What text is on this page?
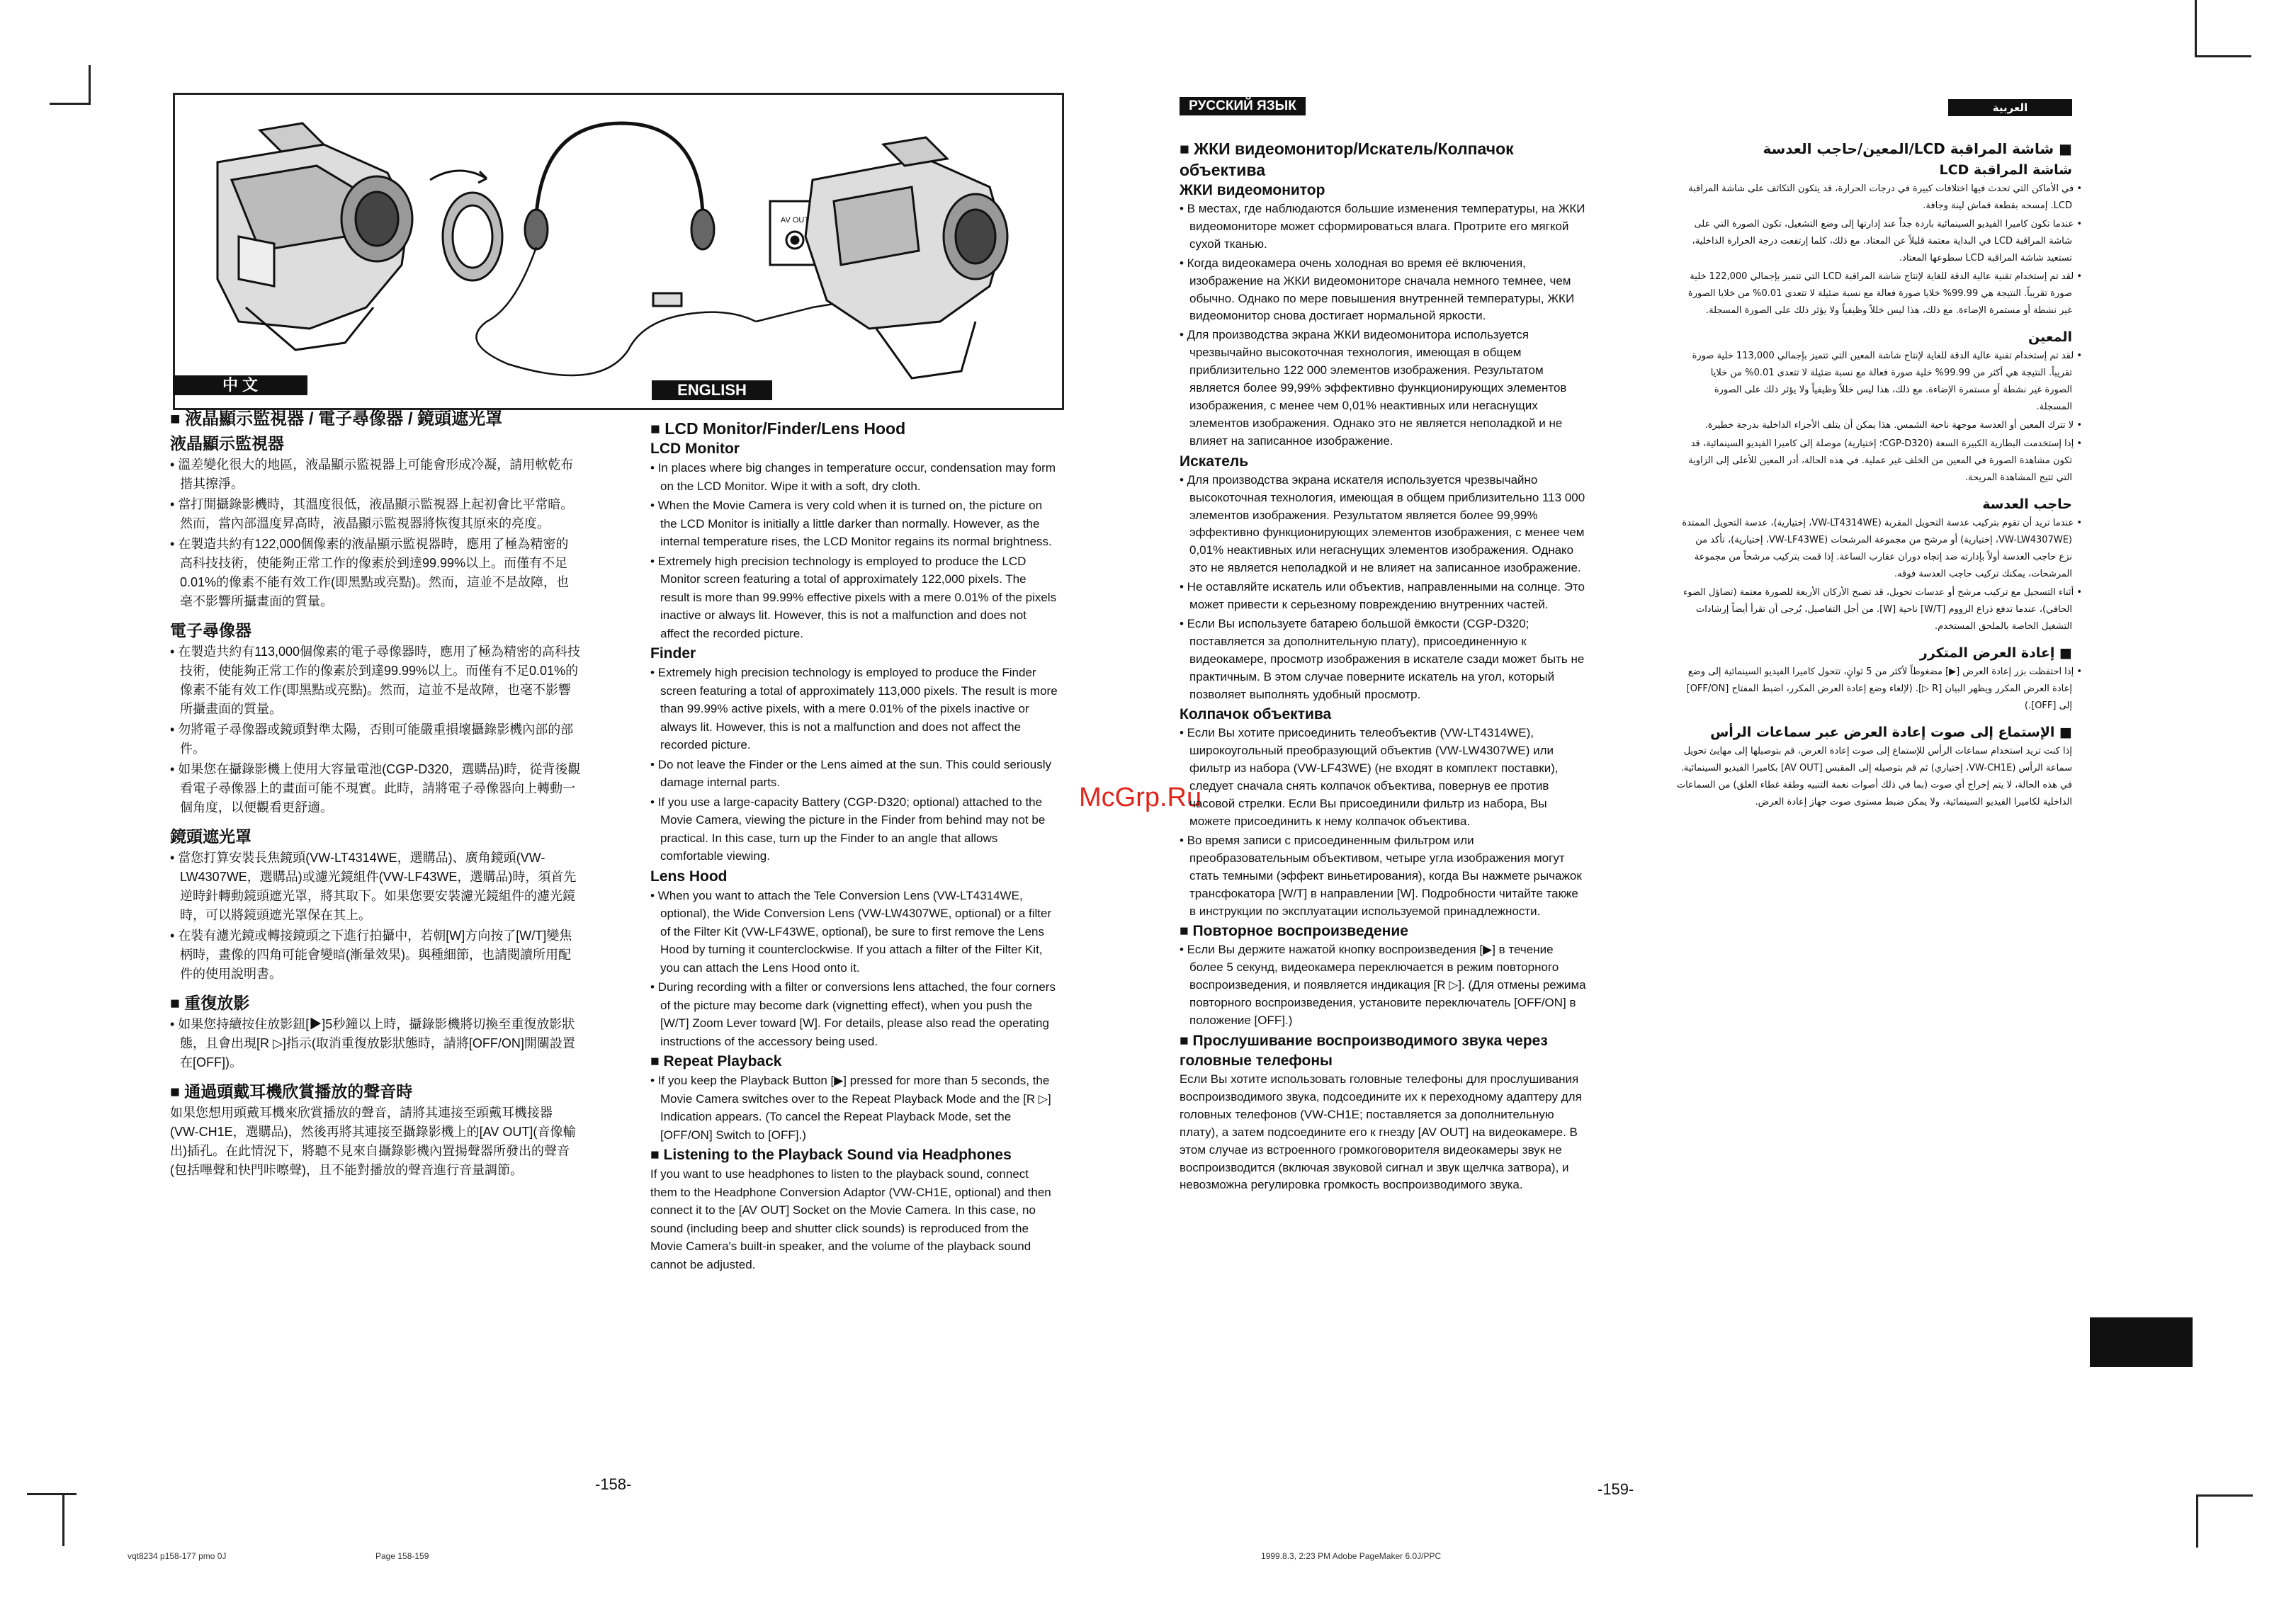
AV OUT
McGrp.Ru
中 文
■ 液晶顯示監視器 / 電子尋像器 / 鏡頭遮光罩
液晶顯示監視器

• 溫差變化很大的地區，液晶顯示監視器上可能會形成冷凝，請用軟乾布揩其擦淨。

• 當打開攝錄影機時，其溫度很低，液晶顯示監視器上起初會比平常暗。然而，當內部溫度昇高時，液晶顯示監視器將恢復其原來的亮度。

• 在製造共約有122,000個像素的液晶顯示監視器時，應用了極為精密的高科技技術，使能夠正常工作的像素於到達99.99%以上。而僅有不足0.01%的像素不能有效工作(即黑點或亮點)。然而，這並不是故障，也毫不影響所攝畫面的質量。

電子尋像器

• 在製造共約有113,000個像素的電子尋像器時，應用了極為精密的高科技技術，使能夠正常工作的像素於到達99.99%以上。而僅有不足0.01%的像素不能有效工作(即黑點或亮點)。然而，這並不是故障，也毫不影響所攝畫面的質量。

• 勿將電子尋像器或鏡頭對準太陽，否則可能嚴重損壞攝錄影機內部的部件。

• 如果您在攝錄影機上使用大容量電池(CGP-D320，選購品)時，從背後觀看電子尋像器上的畫面可能不現實。此時，請將電子尋像器向上轉動一個角度，以便觀看更舒適。

鏡頭遮光罩

• 當您打算安裝長焦鏡頭(VW-LT4314WE，選購品)、廣角鏡頭(VW-LW4307WE，選購品)或濾光鏡組件(VW-LF43WE，選購品)時，須首先逆時針轉動鏡頭遮光罩，將其取下。如果您要安裝濾光鏡組件的濾光鏡時，可以將鏡頭遮光罩保在其上。

• 在裝有濾光鏡或轉接鏡頭之下進行拍攝中，若朝[W]方向按了[W/T]變焦柄時，畫像的四角可能會變暗(漸暈效果)。與種細節，也請閱讀所用配件的使用說明書。

■ 重復放影

• 如果您持續按住放影鈕[▶]5秒鐘以上時，攝錄影機將切換至重復放影狀態，且會出現[R ▷]指示(取消重復放影狀態時，請將[OFF/ON]開關設置在[OFF])。

■ 通過頭戴耳機欣賞播放的聲音時

如果您想用頭戴耳機來欣賞播放的聲音，請將其連接至頭戴耳機接器(VW-CH1E，選購品)，然後再將其連接至攝錄影機上的[AV OUT](音像輸出)插孔。在此情況下，將聽不見來自攝錄影機內置揚聲器所發出的聲音(包括嗶聲和快門咔嚓聲)，且不能對播放的聲音進行音量調節。

ENGLISH
■ LCD Monitor/Finder/Lens Hood
LCD Monitor

• In places where big changes in temperature occur, condensation may form on the LCD Monitor. Wipe it with a soft, dry cloth.

• When the Movie Camera is very cold when it is turned on, the picture on the LCD Monitor is initially a little darker than normally. However, as the internal temperature rises, the LCD Monitor regains its normal brightness.

• Extremely high precision technology is employed to produce the LCD Monitor screen featuring a total of approximately 122,000 pixels. The result is more than 99.99% effective pixels with a mere 0.01% of the pixels inactive or always lit. However, this is not a malfunction and does not affect the recorded picture.

Finder

• Extremely high precision technology is employed to produce the Finder screen featuring a total of approximately 113,000 pixels. The result is more than 99.99% active pixels, with a mere 0.01% of the pixels inactive or always lit. However, this is not a malfunction and does not affect the recorded picture.

• Do not leave the Finder or the Lens aimed at the sun. This could seriously damage internal parts.

• If you use a large-capacity Battery (CGP-D320; optional) attached to the Movie Camera, viewing the picture in the Finder from behind may not be practical. In this case, turn up the Finder to an angle that allows comfortable viewing.

Lens Hood

• When you want to attach the Tele Conversion Lens (VW-LT4314WE, optional), the Wide Conversion Lens (VW-LW4307WE, optional) or a filter of the Filter Kit (VW-LF43WE, optional), be sure to first remove the Lens Hood by turning it counterclockwise. If you attach a filter of the Filter Kit, you can attach the Lens Hood onto it.

• During recording with a filter or conversions lens attached, the four corners of the picture may become dark (vignetting effect), when you push the [W/T] Zoom Lever toward [W]. For details, please also read the operating instructions of the accessory being used.

■ Repeat Playback

• If you keep the Playback Button [▶] pressed for more than 5 seconds, the Movie Camera switches over to the Repeat Playback Mode and the [R ▷] Indication appears. (To cancel the Repeat Playback Mode, set the [OFF/ON] Switch to [OFF].)

■ Listening to the Playback Sound via Headphones

If you want to use headphones to listen to the playback sound, connect them to the Headphone Conversion Adaptor (VW-CH1E, optional) and then connect it to the [AV OUT] Socket on the Movie Camera. In this case, no sound (including beep and shutter click sounds) is reproduced from the Movie Camera's built-in speaker, and the volume of the playback sound cannot be adjusted.

РУССКИЙ ЯЗЫК
■ ЖКИ видеомонитор/Искатель/Колпачок объектива
ЖКИ видеомонитор

• В местах, где наблюдаются большие изменения температуры, на ЖКИ видеомониторе может сформироваться влага. Протрите его мягкой сухой тканью.

• Когда видеокамера очень холодная во время её включения, изображение на ЖКИ видеомониторе сначала немного темнее, чем обычно. Однако по мере повышения внутренней температуры, ЖКИ видеомонитор снова достигает нормальной яркости.

• Для производства экрана ЖКИ видеомонитора используется чрезвычайно высокоточная технология, имеющая в общем приблизительно 122 000 элементов изображения. Результатом является более 99,99% эффективно функционирующих элементов изображения, с менее чем 0,01% неактивных или негаснущих элементов изображения. Однако это не является неполадкой и не влияет на записанное изображение.

Искатель

• Для производства экрана искателя используется чрезвычайно высокоточная технология, имеющая в общем приблизительно 113 000 элементов изображения. Результатом является более 99,99% эффективно функционирующих элементов изображения, с менее чем 0,01% неактивных или негаснущих элементов изображения. Однако это не является неполадкой и не влияет на записанное изображение.

• Не оставляйте искатель или объектив, направленными на солнце. Это может привести к серьезному повреждению внутренних частей.

• Если Вы используете батарею большой ёмкости (CGP-D320; поставляется за дополнительную плату), присоединенную к видеокамере, просмотр изображения в искателе сзади может быть не практичным. В этом случае поверните искатель на угол, который позволяет выполнять удобный просмотр.

Колпачок объектива

• Если Вы хотите присоединить телеобъектив (VW-LT4314WE), широкоугольный преобразующий объектив (VW-LW4307WE) или фильтр из набора (VW-LF43WE) (не входят в комплект поставки), следует сначала снять колпачок объектива, повернув ее против часовой стрелки. Если Вы присоединили фильтр из набора, Вы можете присоединить к нему колпачок объектива.

• Во время записи с присоединенным фильтром или преобразовательным объективом, четыре угла изображения могут стать темными (эффект виньетирования), когда Вы нажмете рычажок трансфокатора [W/T] в направлении [W]. Подробности читайте также в инструкции по эксплуатации используемой принадлежности.

■ Повторное воспроизведение

• Если Вы держите нажатой кнопку воспроизведения [▶] в течение более 5 секунд, видеокамера переключается в режим повторного воспроизведения, и появляется индикация [R ▷]. (Для отмены режима повторного воспроизведения, установите переключатель [OFF/ON] в положение [OFF].)

■ Прослушивание воспроизводимого звука через головные телефоны

Если Вы хотите использовать головные телефоны для прослушивания воспроизводимого звука, подсоедините их к переходному адаптеру для головных телефонов (VW-CH1E; поставляется за дополнительную плату), а затем подсоедините его к гнезду [AV OUT] на видеокамере. В этом случае из встроенного громкоговорителя видеокамеры звук не воспроизводится (включая звуковой сигнал и звук щелчка затвора), и невозможна регулировка громкость воспроизводимого звука.

العربية
■ شاشة المراقبة LCD/المعين/حاجب العدسة
شاشة المراقبة LCD

• في الأماكن التي تحدث فيها اختلافات كبيرة في درجات الحرارة، قد يتكون التكاثف على شاشة المراقبة LCD. إمسحه بقطعة قماش لينة وجافة.

• عندما تكون كاميرا الفيديو السينمائية باردة جداً عند إدارتها إلى وضع التشغيل، تكون الصورة التي على شاشة المراقبة LCD في البداية معتمة قليلاً عن المعتاد. مع ذلك، كلما إرتفعت درجة الحرارة الداخلية، تستعيد شاشة المراقبة LCD سطوعها المعتاد.

• لقد تم إستخدام تقنية عالية الدقة للغاية لإنتاج شاشة المراقبة LCD التي تتميز بإجمالي 122,000 خلية صورة تقريباً. النتيجة هي 99.99% خلايا صورة فعالة مع نسبة ضئيلة لا تتعدى 0.01% من خلايا الصورة غير نشطة أو مستمرة الإضاءة. مع ذلك، هذا ليس خللاً وظيفياً ولا يؤثر ذلك على الصورة المسجلة.

المعين

• لقد تم إستخدام تقنية عالية الدقة للغاية لإنتاج شاشة المعين التي تتميز بإجمالي 113,000 خلية صورة تقريباً. النتيجة هي أكثر من 99.99% خلية صورة فعالة مع نسبة ضئيلة لا تتعدى 0.01% من خلايا الصورة غير نشطة أو مستمرة الإضاءة. مع ذلك، هذا ليس خللاً وظيفياً ولا يؤثر ذلك على الصورة المسجلة.

• لا تترك المعين أو العدسة موجهة ناحية الشمس. هذا يمكن أن يتلف الأجزاء الداخلية بدرجة خطيرة.

• إذا إستخدمت البطارية الكبيرة السعة (CGP-D320؛ إختيارية) موصلة إلى كاميرا الفيديو السينمائية، قد تكون مشاهدة الصورة في المعين من الخلف غير عملية. في هذه الحالة، أدر المعين للأعلى إلى الزاوية التي تتيح المشاهدة المريحة.

حاجب العدسة

• عندما تريد أن تقوم بتركيب عدسة التحويل المقربة (VW-LT4314WE، إختيارية)، عدسة التحويل الممتدة (VW-LW4307WE، إختيارية) أو مرشح من مجموعة المرشحات (VW-LF43WE، إختيارية)، تأكد من نزع حاجب العدسة أولاً بإدارته ضد إتجاه دوران عقارب الساعة. إذا قمت بتركيب مرشحاً من مجموعة المرشحات، يمكنك تركيب حاجب العدسة فوقه.

• أثناء التسجيل مع تركيب مرشح أو عدسات تحويل، قد تصبح الأركان الأربعة للصورة معتمة (تضاؤل الضوء الحافي)، عندما تدفع ذراع الزووم [W/T] ناحية [W]. من أجل التفاصيل، يُرجى أن تقرأ أيضاً إرشادات التشغيل الخاصة بالملحق المستخدم.

■ إعادة العرض المتكرر

• إذا احتفظت بزر إعادة العرض [▶] مضغوطاً لأكثر من 5 ثوانٍ، تتحول كاميرا الفيديو السينمائية إلى وضع إعادة العرض المكرر ويظهر البيان [R ▷]. (لإلغاء وضع إعادة العرض المكرر، اضبط المفتاح [OFF/ON] إلى [OFF].)

■ الإستماع إلى صوت إعادة العرض عبر سماعات الرأس

إذا كنت تريد استخدام سماعات الرأس للإستماع إلى صوت إعادة العرض، قم بتوصيلها إلى مهايئ تحويل سماعة الرأس (VW-CH1E، إختياري) ثم قم بتوصيله إلى المقبس [AV OUT] بكاميرا الفيديو السينمائية. في هذه الحالة، لا يتم إخراج أي صوت (بما في ذلك أصوات نغمة التنبيه وطقة غطاء الغلق) من السماعات الداخلية لكاميرا الفيديو السينمائية، ولا يمكن ضبط مستوى صوت جهاز إعادة العرض.

-158-	-159-
vqt8234 p158-177 pmo 0J	Page 158-159	1999.8.3, 2:23 PM Adobe PageMaker 6.0J/PPC
